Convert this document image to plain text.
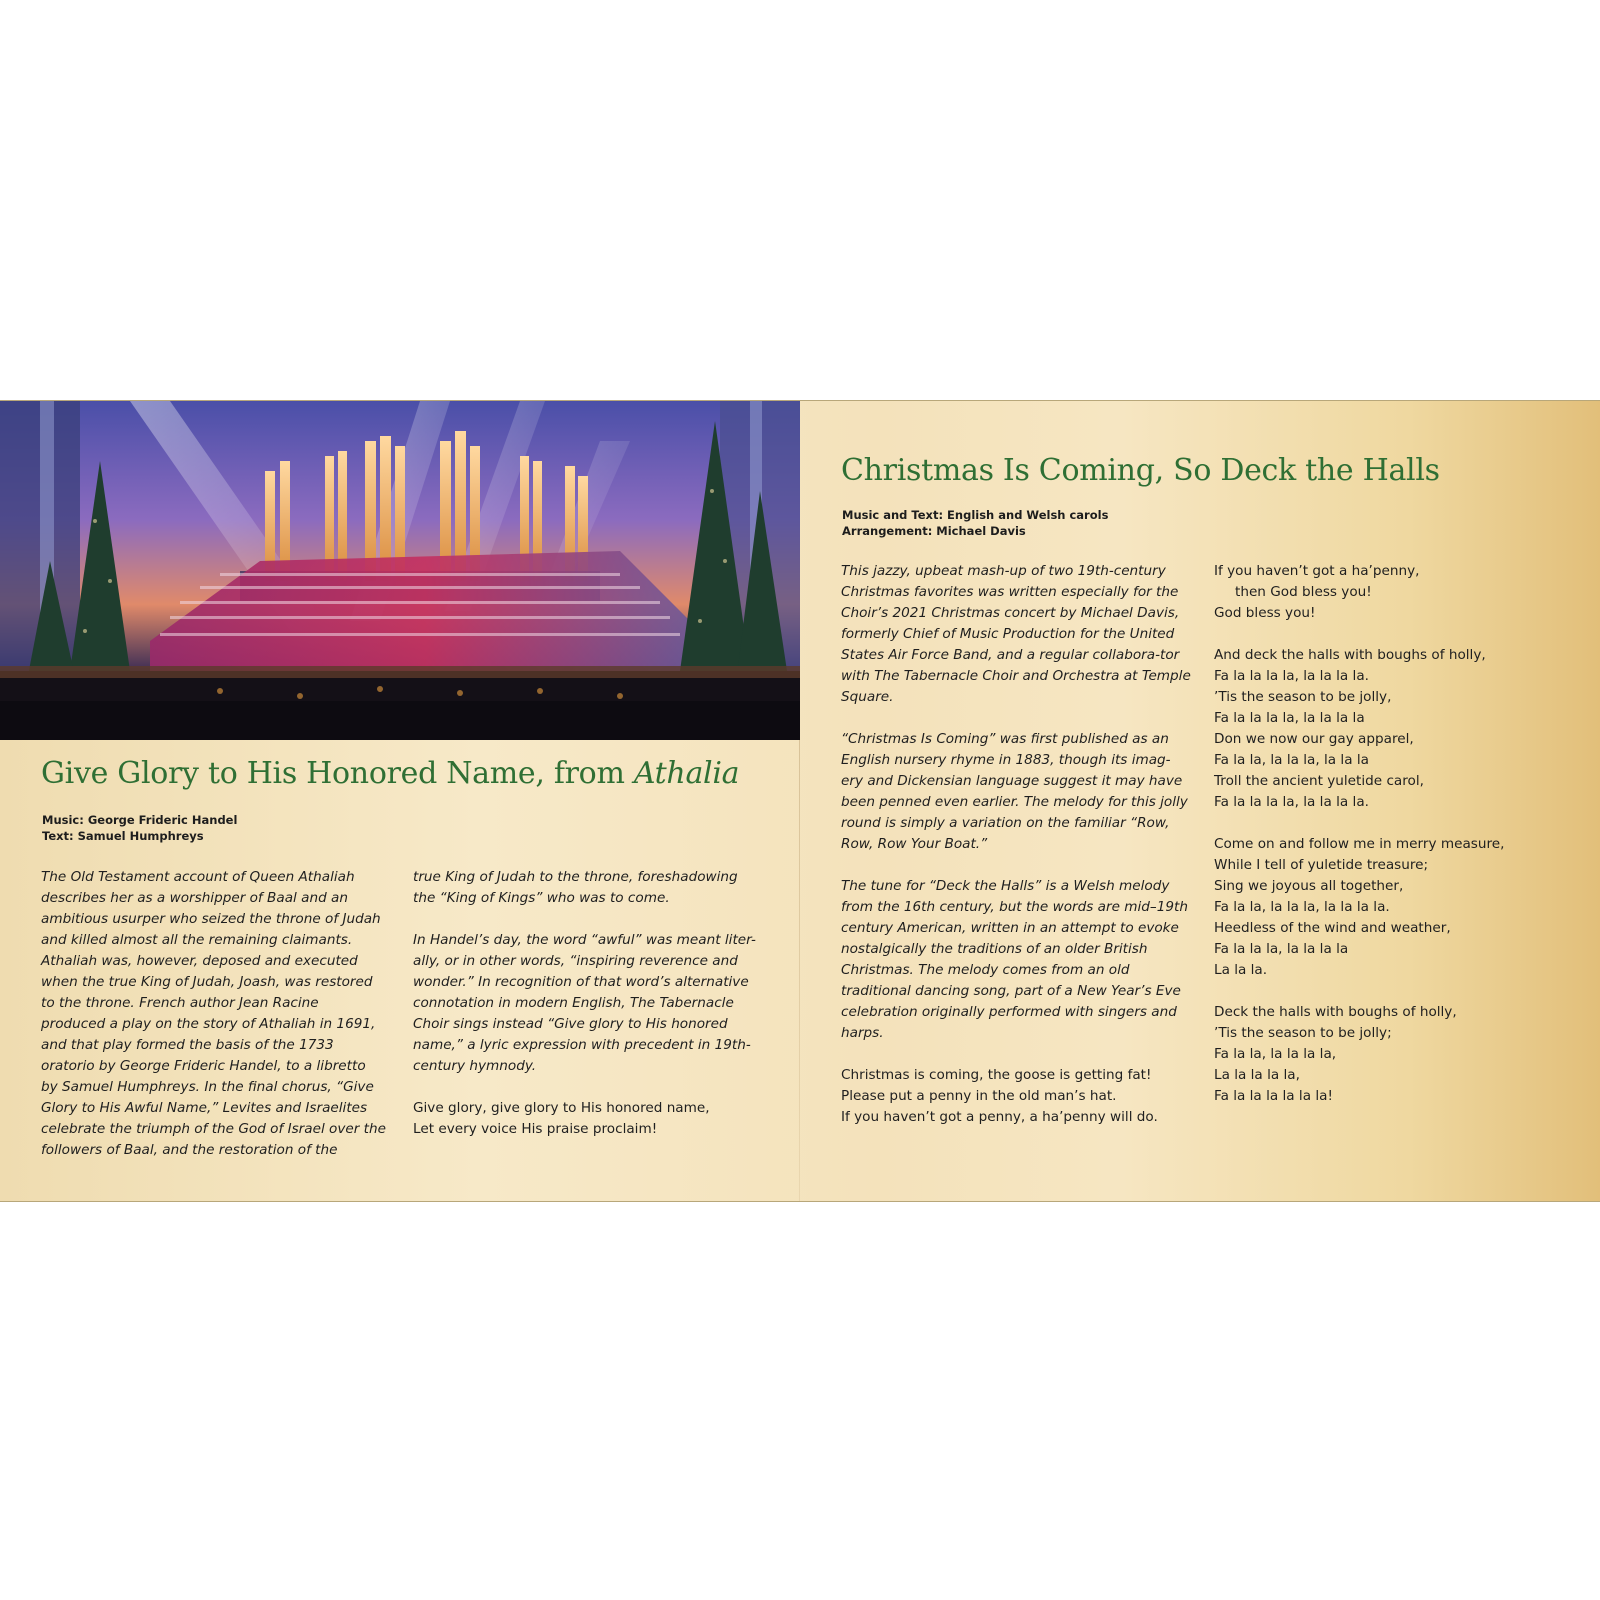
Give Glory to His Honored Name, from Athalia
Music: George Frideric Handel
Text: Samuel Humphreys

The Old Testament account of Queen Athaliah describes her as a worshipper of Baal and an ambitious usurper who seized the throne of Judah and killed almost all the remaining claimants. Athaliah was, however, deposed and executed when the true King of Judah, Joash, was restored to the throne. French author Jean Racine produced a play on the story of Athaliah in 1691, and that play formed the basis of the 1733 oratorio by George Frideric Handel, to a libretto by Samuel Humphreys. In the final chorus, “Give Glory to His Awful Name,” Levites and Israelites celebrate the triumph of the God of Israel over the followers of Baal, and the restoration of the

true King of Judah to the throne, foreshadowing the “King of Kings” who was to come.

In Handel’s day, the word “awful” was meant liter-ally, or in other words, “inspiring reverence and wonder.” In recognition of that word’s alternative connotation in modern English, The Tabernacle Choir sings instead “Give glory to His honored name,” a lyric expression with precedent in 19th-century hymnody.

Give glory, give glory to His honored name,
Let every voice His praise proclaim!

Christmas Is Coming, So Deck the Halls
Music and Text: English and Welsh carols
Arrangement: Michael Davis

This jazzy, upbeat mash-up of two 19th-century Christmas favorites was written especially for the Choir’s 2021 Christmas concert by Michael Davis, formerly Chief of Music Production for the United States Air Force Band, and a regular collabora-tor with The Tabernacle Choir and Orchestra at Temple Square.

“Christmas Is Coming” was first published as an English nursery rhyme in 1883, though its imag-ery and Dickensian language suggest it may have been penned even earlier. The melody for this jolly round is simply a variation on the familiar “Row, Row, Row Your Boat.”

The tune for “Deck the Halls” is a Welsh melody from the 16th century, but the words are mid–19th century American, written in an attempt to evoke nostalgically the traditions of an older British Christmas. The melody comes from an old traditional dancing song, part of a New Year’s Eve celebration originally performed with singers and harps.

Christmas is coming, the goose is getting fat!
Please put a penny in the old man’s hat.
If you haven’t got a penny, a ha’penny will do.

If you haven’t got a ha’penny,
then God bless you!
God bless you!

And deck the halls with boughs of holly,
Fa la la la la, la la la la.
’Tis the season to be jolly,
Fa la la la la, la la la la
Don we now our gay apparel,
Fa la la, la la la, la la la
Troll the ancient yuletide carol,
Fa la la la la, la la la la.

Come on and follow me in merry measure,
While I tell of yuletide treasure;
Sing we joyous all together,
Fa la la, la la la, la la la la.
Heedless of the wind and weather,
Fa la la la, la la la la
La la la.

Deck the halls with boughs of holly,
’Tis the season to be jolly;
Fa la la, la la la la,
La la la la la,
Fa la la la la la la!
